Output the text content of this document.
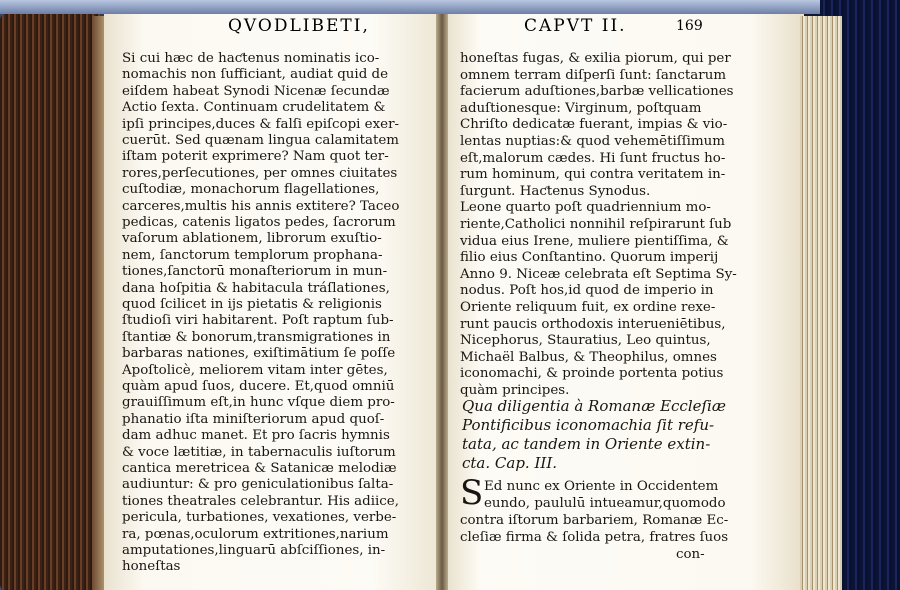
QVODLIBETI,	CAPVT II.	169
Si cui hæc de haƈtenus nominatis ico-
nomachis non ſufficiant, audiat quid de
eiſdem habeat Synodi Nicenæ ſecundæ
Actio ſexta. Continuam crudelitatem &
ipſi principes,duces & falſi epiſcopi exer-
cuerūt. Sed quænam lingua calamitatem
iſtam poterit exprimere? Nam quot ter-
rores,perſecutiones, per omnes ciuitates
cuſtodiæ, monachorum flagellationes,
carceres,multis his annis extitere? Taceo
pedicas, catenis ligatos pedes, ſacrorum
vaſorum ablationem, librorum exuſtio-
nem, ſanctorum templorum prophana-
tiones,ſanctorū monaſteriorum in mun-
dana hoſpitia & habitacula tráſlationes,
quod ſcilicet in ijs pietatis & religionis
ſtudioſi viri habitarent. Poſt raptum ſub-
ſtantiæ & bonorum,transmigrationes in
barbaras nationes, exiſtimātium ſe poſſe
Apoſtolicè, meliorem vitam inter gētes,
quàm apud ſuos, ducere. Et,quod omniū
grauiſſimum eſt,in hunc vſque diem pro-
phanatio iſta miniſteriorum apud quoſ-
dam adhuc manet. Et pro ſacris hymnis
& voce lætitiæ, in tabernaculis iuſtorum
cantica meretricea & Satanicæ melodiæ
audiuntur: & pro geniculationibus ſalta-
tiones theatrales celebrantur. His adiice,
pericula, turbationes, vexationes, verbe-
ra, pœnas,oculorum extritiones,narium
amputationes,linguarū abſciſſiones, in-
honeſtas
honeſtas fugas, & exilia piorum, qui per
omnem terram diſperſi ſunt: ſanctarum
facierum aduſtiones,barbæ vellicationes
aduſtionesque: Virginum, poſtquam
Chriſto dedicatæ fuerant, impias & vio-
lentas nuptias:& quod vehemētiſſimum
eſt,malorum cædes. Hi ſunt fructus ho-
rum hominum, qui contra veritatem in-
ſurgunt. Haƈtenus Synodus.
Leone quarto poſt quadriennium mo-
riente,Catholici nonnihil reſpirarunt ſub
vidua eius Irene, muliere pientiſſima, &
filio eius Conſtantino. Quorum imperij
Anno 9. Niceæ celebrata eſt Septima Sy-
nodus. Poſt hos,id quod de imperio in
Oriente reliquum fuit, ex ordine rexe-
runt paucis orthodoxis interueniētibus,
Nicephorus, Stauratius, Leo quintus,
Michaël Balbus, & Theophilus, omnes
iconomachi, & proinde portenta potius
quàm principes.
Qua diligentia à Romanæ Eccleſiæ
Pontificibus iconomachia ſit refu-
tata, ac tandem in Oriente extin-
cta. Cap. III.
Ed nunc ex Oriente in Occidentem
eundo, paululū intueamur,quomodo
contra iſtorum barbariem, Romanæ Ec-
cleſiæ firma & ſolida petra, fratres ſuos
con-
S
